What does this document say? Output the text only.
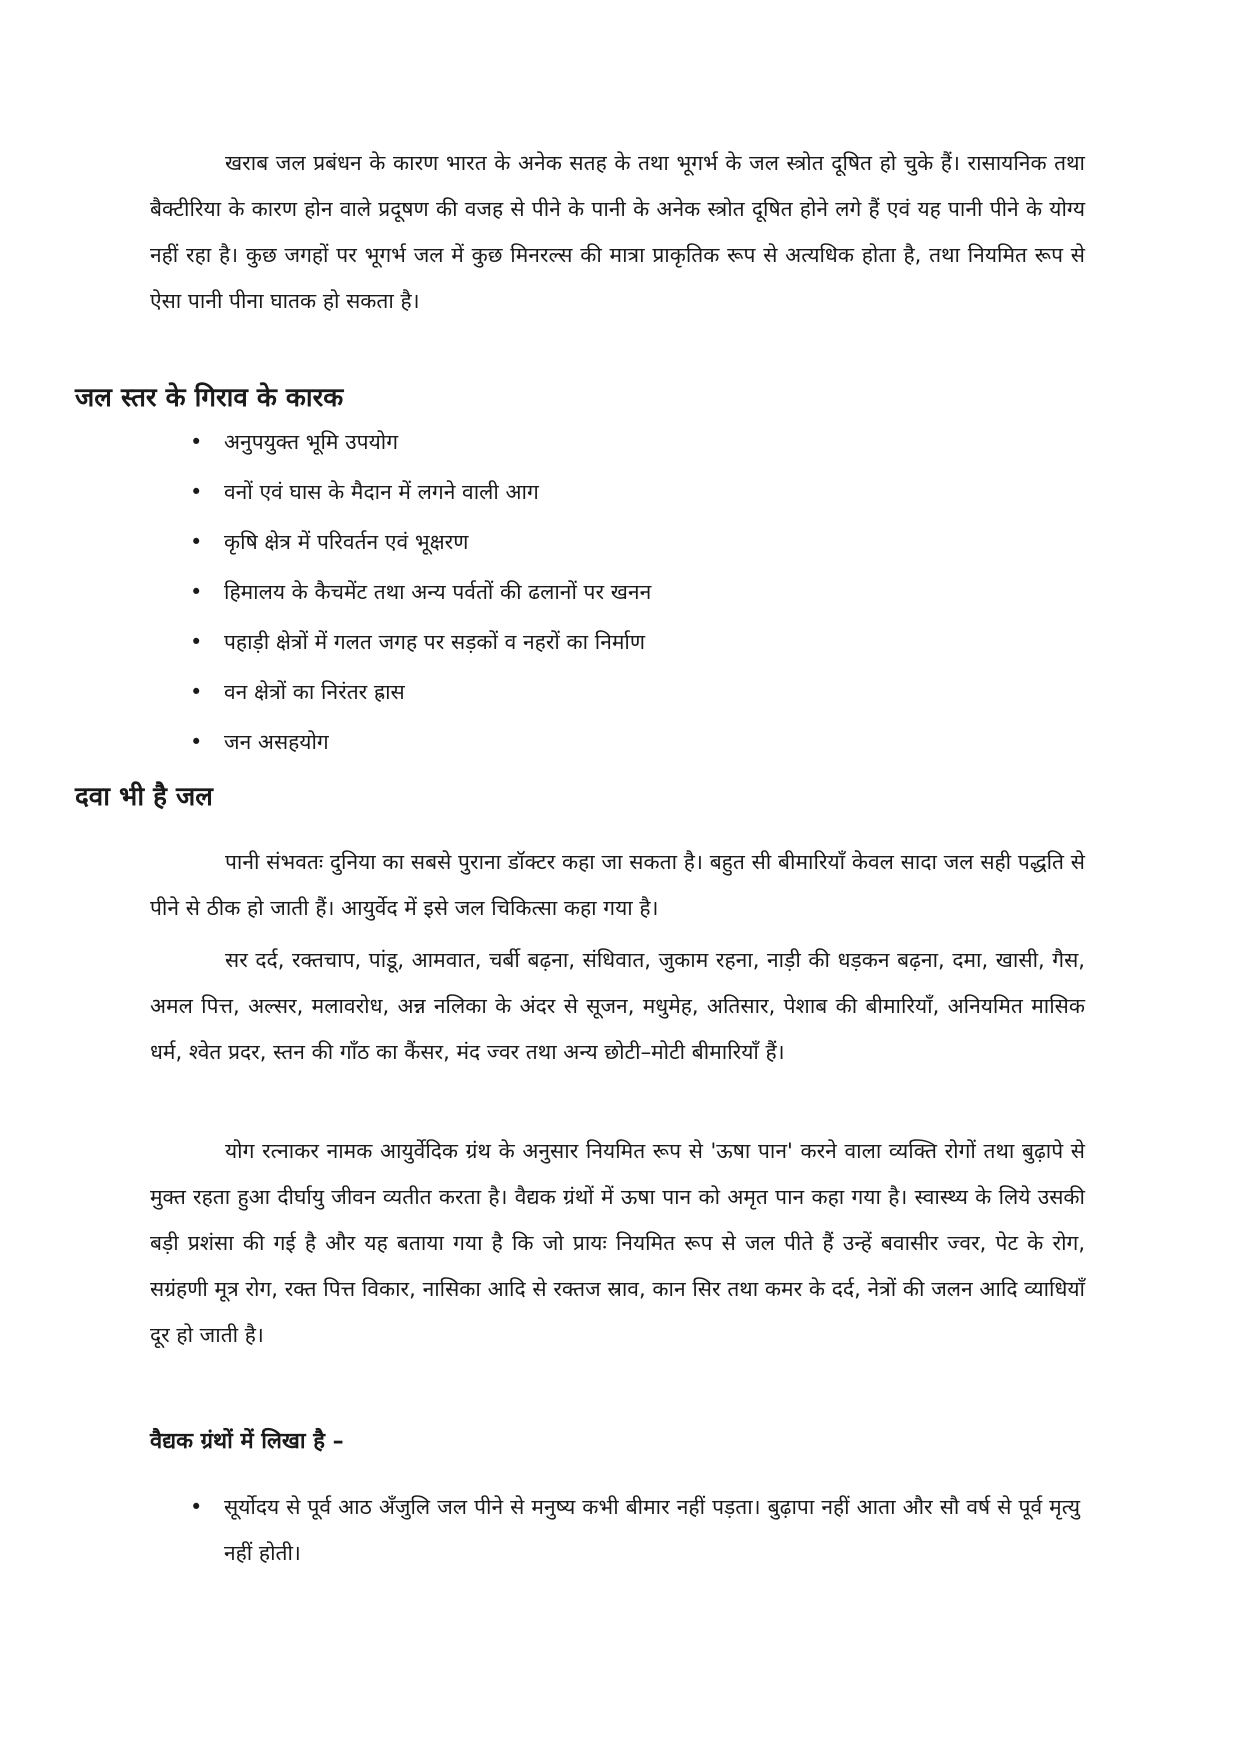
खराब जल प्रबंधन के कारण भारत के अनेक सतह के तथा भूगर्भ के जल स्त्रोत दूषित हो चुके हैं। रासायनिक तथा बैक्टीरिया के कारण होन वाले प्रदूषण की वजह से पीने के पानी के अनेक स्त्रोत दूषित होने लगे हैं एवं यह पानी पीने के योग्य नहीं रहा है। कुछ जगहों पर भूगर्भ जल में कुछ मिनरल्स की मात्रा प्राकृतिक रूप से अत्यधिक होता है, तथा नियमित रूप से ऐसा पानी पीना घातक हो सकता है।

जल स्तर के गिराव के कारक
• अनुपयुक्त भूमि उपयोग
• वनों एवं घास के मैदान में लगने वाली आग
• कृषि क्षेत्र में परिवर्तन एवं भूक्षरण
• हिमालय के कैचमेंट तथा अन्य पर्वतों की ढलानों पर खनन
• पहाड़ी क्षेत्रों में गलत जगह पर सड़कों व नहरों का निर्माण
• वन क्षेत्रों का निरंतर ह्रास
• जन असहयोग
दवा भी है जल

पानी संभवतः दुनिया का सबसे पुराना डॉक्टर कहा जा सकता है। बहुत सी बीमारियाँ केवल सादा जल सही पद्धति से पीने से ठीक हो जाती हैं। आयुर्वेद में इसे जल चिकित्सा कहा गया है।

सर दर्द, रक्तचाप, पांडू, आमवात, चर्बी बढ़ना, संधिवात, जुकाम रहना, नाड़ी की धड़कन बढ़ना, दमा, खासी, गैस, अमल पित्त, अल्सर, मलावरोध, अन्न नलिका के अंदर से सूजन, मधुमेह, अतिसार, पेशाब की बीमारियाँ, अनियमित मासिक धर्म, श्वेत प्रदर, स्तन की गाँठ का कैंसर, मंद ज्वर तथा अन्य छोटी–मोटी बीमारियाँ हैं।

योग रत्नाकर नामक आयुर्वेदिक ग्रंथ के अनुसार नियमित रूप से 'ऊषा पान' करने वाला व्यक्ति रोगों तथा बुढ़ापे से मुक्त रहता हुआ दीर्घायु जीवन व्यतीत करता है। वैद्यक ग्रंथों में ऊषा पान को अमृत पान कहा गया है। स्वास्थ्य के लिये उसकी बड़ी प्रशंसा की गई है और यह बताया गया है कि जो प्रायः नियमित रूप से जल पीते हैं उन्हें बवासीर ज्वर, पेट के रोग, सग्रंहणी मूत्र रोग, रक्त पित्त विकार, नासिका आदि से रक्तज स्राव, कान सिर तथा कमर के दर्द, नेत्रों की जलन आदि व्याधियाँ दूर हो जाती है।

वैद्यक ग्रंथों में लिखा है –
• सूर्योदय से पूर्व आठ अँजुलि जल पीने से मनुष्य कभी बीमार नहीं पड़ता। बुढ़ापा नहीं आता और सौ वर्ष से पूर्व मृत्यु नहीं होती।
